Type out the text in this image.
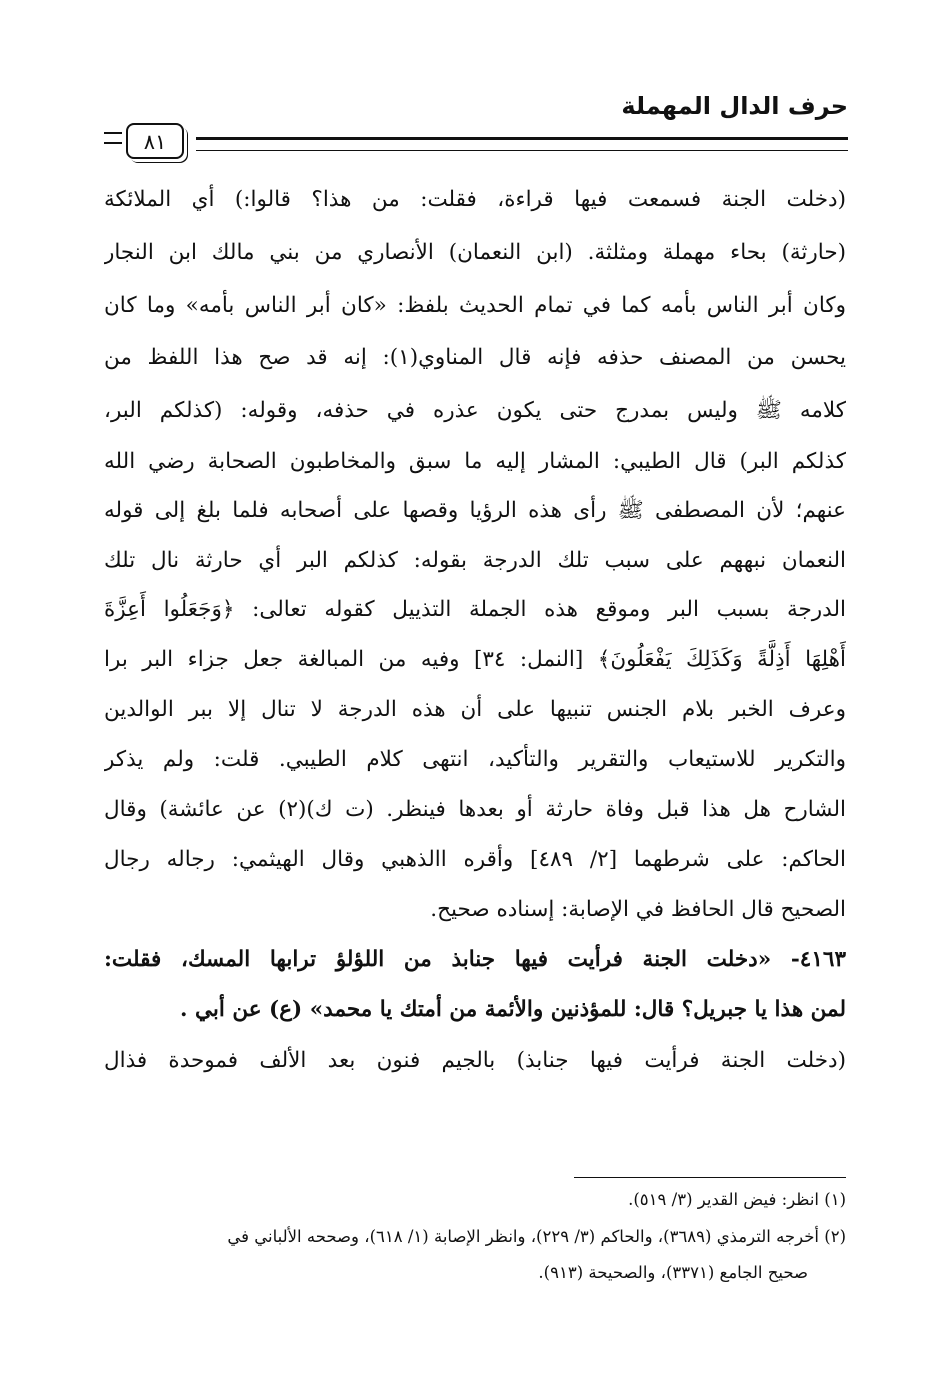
حرف الدال المهملة
٨١
(دخلت الجنة فسمعت فيها قراءة، فقلت: من هذا؟ قالوا:) أي الملائكة
(حارثة) بحاء مهملة ومثلثة. (ابن النعمان) الأنصاري من بني مالك ابن النجار
وكان أبر الناس بأمه كما في تمام الحديث بلفظ: «كان أبر الناس بأمه» وما كان
يحسن من المصنف حذفه فإنه قال المناوي(١): إنه قد صح هذا اللفظ من
كلامه ﷺ وليس بمدرج حتى يكون عذره في حذفه، وقوله: (كذلكم البر،
كذلكم البر) قال الطيبي: المشار إليه ما سبق والمخاطبون الصحابة رضي الله
عنهم؛ لأن المصطفى ﷺ رأى هذه الرؤيا وقصها على أصحابه فلما بلغ إلى قوله
النعمان نبههم على سبب تلك الدرجة بقوله: كذلكم البر أي حارثة نال تلك
الدرجة بسبب البر وموقع هذه الجملة التذييل كقوله تعالى: ﴿وَجَعَلُوا أَعِزَّةَ
أَهْلِهَا أَذِلَّةً وَكَذَلِكَ يَفْعَلُونَ﴾ [النمل: ٣٤] وفيه من المبالغة جعل جزاء البر برا
وعرف الخبر بلام الجنس تنبيها على أن هذه الدرجة لا تنال إلا ببر الوالدين
والتكرير للاستيعاب والتقرير والتأكيد، انتهى كلام الطيبي. قلت: ولم يذكر
الشارح هل هذا قبل وفاة حارثة أو بعدها فينظر. (ت ك)(٢) عن عائشة) وقال
الحاكم: على شرطهما [٢/ ٤٨٩] وأقره االذهبي وقال الهيثمي: رجاله رجال
الصحيح قال الحافظ في الإصابة: إسناده صحيح.
٤١٦٣- «دخلت الجنة فرأيت فيها جنابذ من اللؤلؤ ترابها المسك، فقلت:
لمن هذا يا جبريل؟ قال: للمؤذنين والأئمة من أمتك يا محمد» (ع) عن أبي .
(دخلت الجنة فرأيت فيها جنابذ) بالجيم فنون بعد الألف فموحدة فذال
(١) انظر: فيض القدير (٣/ ٥١٩).
(٢) أخرجه الترمذي (٣٦٨٩)، والحاكم (٣/ ٢٢٩)، وانظر الإصابة (١/ ٦١٨)، وصححه الألباني في
صحيح الجامع (٣٣٧١)، والصحيحة (٩١٣).
